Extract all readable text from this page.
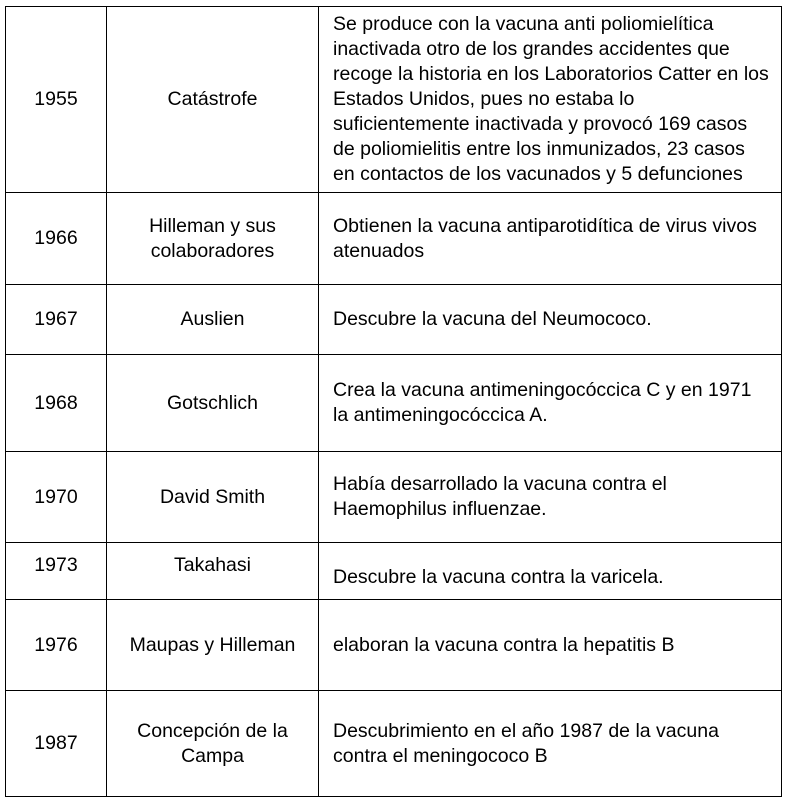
1955	Catástrofe	Se produce con la vacuna anti poliomielítica inactivada otro de los grandes accidentes que recoge la historia en los Laboratorios Catter en los Estados Unidos, pues no estaba lo suficientemente inactivada y provocó 169 casos de poliomielitis entre los inmunizados, 23 casos en contactos de los vacunados y 5 defunciones
1966	Hilleman y sus colaboradores	Obtienen la vacuna antiparotidítica de virus vivos atenuados
1967	Auslien	Descubre la vacuna del Neumococo.
1968	Gotschlich	Crea la vacuna antimeningocóccica C y en 1971 la antimeningocóccica A.
1970	David Smith	Había desarrollado la vacuna contra el Haemophilus influenzae.
1973	Takahasi	Descubre la vacuna contra la varicela.
1976	Maupas y Hilleman	elaboran la vacuna contra la hepatitis B
1987	Concepción de la Campa	Descubrimiento en el año 1987 de la vacuna contra el meningococo B
